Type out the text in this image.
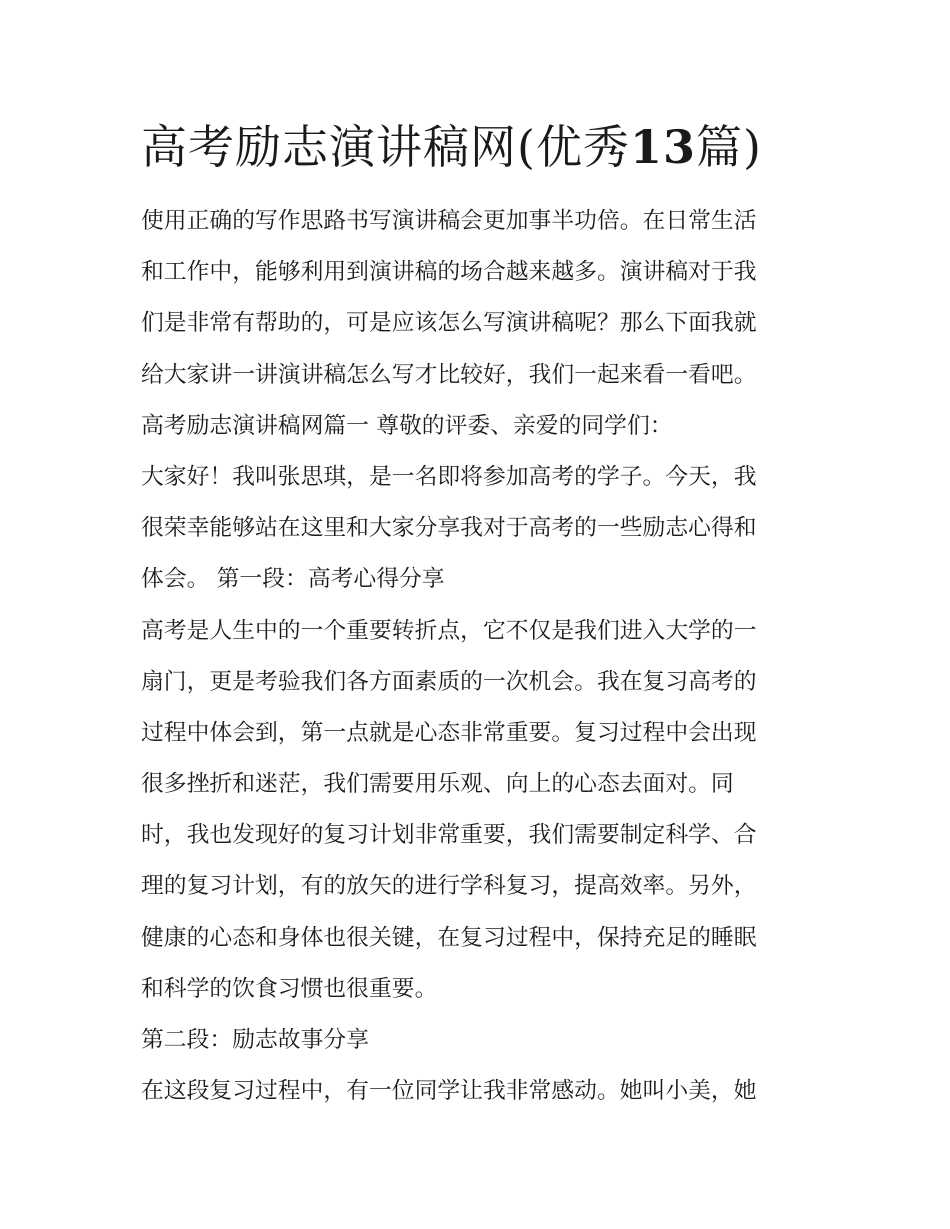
高考励志演讲稿网(优秀13篇)
使用正确的写作思路书写演讲稿会更加事半功倍。在日常生活
和工作中，能够利用到演讲稿的场合越来越多。演讲稿对于我
们是非常有帮助的，可是应该怎么写演讲稿呢？那么下面我就
给大家讲一讲演讲稿怎么写才比较好，我们一起来看一看吧。
高考励志演讲稿网篇一 尊敬的评委、亲爱的同学们：
大家好！我叫张思琪，是一名即将参加高考的学子。今天，我
很荣幸能够站在这里和大家分享我对于高考的一些励志心得和
体会。 第一段：高考心得分享
高考是人生中的一个重要转折点，它不仅是我们进入大学的一
扇门，更是考验我们各方面素质的一次机会。我在复习高考的
过程中体会到，第一点就是心态非常重要。复习过程中会出现
很多挫折和迷茫，我们需要用乐观、向上的心态去面对。同
时，我也发现好的复习计划非常重要，我们需要制定科学、合
理的复习计划，有的放矢的进行学科复习，提高效率。另外，
健康的心态和身体也很关键，在复习过程中，保持充足的睡眠
和科学的饮食习惯也很重要。
第二段：励志故事分享
在这段复习过程中，有一位同学让我非常感动。她叫小美，她
